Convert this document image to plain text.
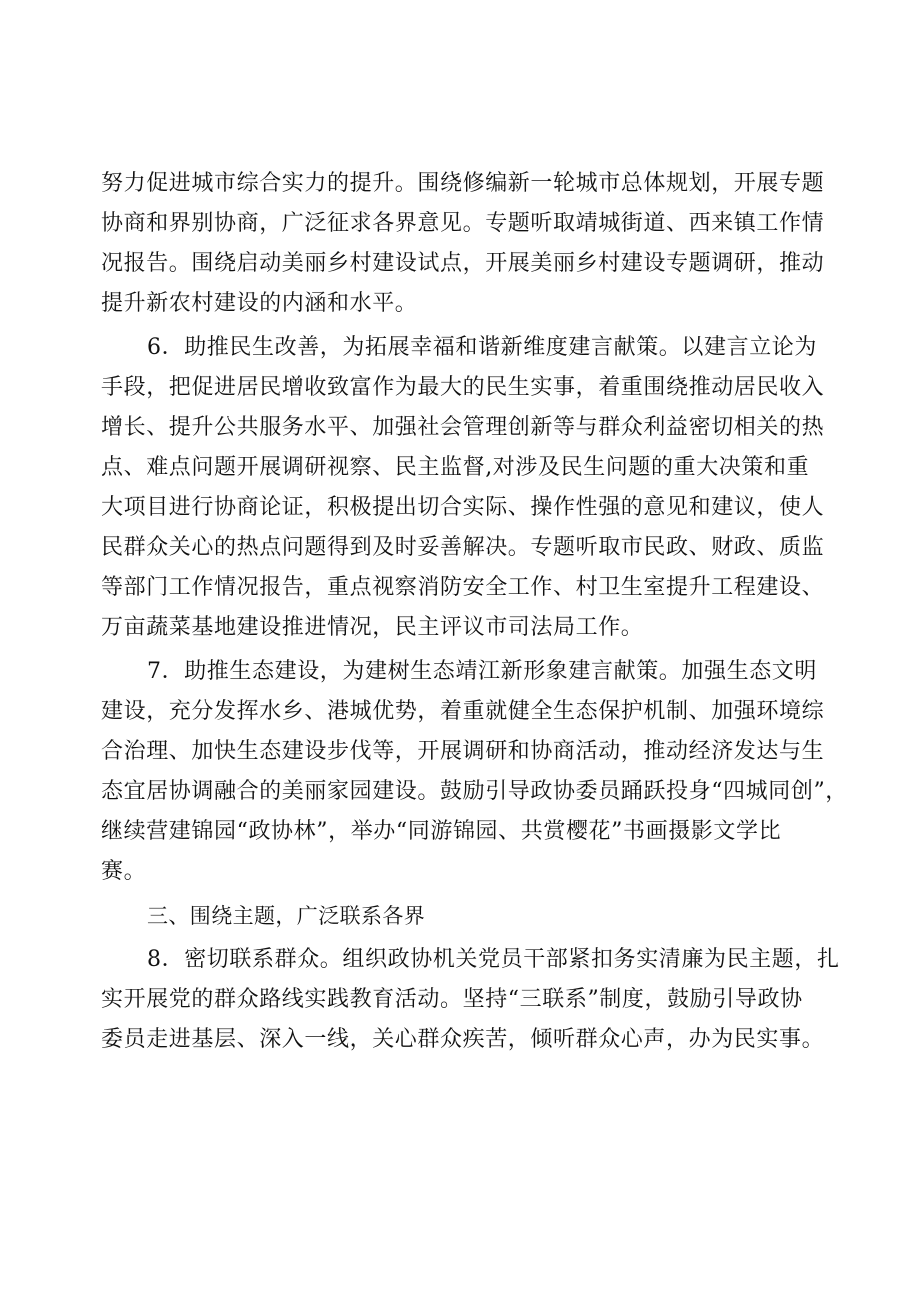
努力促进城市综合实力的提升。围绕修编新一轮城市总体规划，开展专题
协商和界别协商，广泛征求各界意见。专题听取靖城街道、西来镇工作情
况报告。围绕启动美丽乡村建设试点，开展美丽乡村建设专题调研，推动
提升新农村建设的内涵和水平。
6．助推民生改善，为拓展幸福和谐新维度建言献策。以建言立论为
手段，把促进居民增收致富作为最大的民生实事，着重围绕推动居民收入
增长、提升公共服务水平、加强社会管理创新等与群众利益密切相关的热
点、难点问题开展调研视察、民主监督,对涉及民生问题的重大决策和重
大项目进行协商论证，积极提出切合实际、操作性强的意见和建议，使人
民群众关心的热点问题得到及时妥善解决。专题听取市民政、财政、质监
等部门工作情况报告，重点视察消防安全工作、村卫生室提升工程建设、
万亩蔬菜基地建设推进情况，民主评议市司法局工作。
7．助推生态建设，为建树生态靖江新形象建言献策。加强生态文明
建设，充分发挥水乡、港城优势，着重就健全生态保护机制、加强环境综
合治理、加快生态建设步伐等，开展调研和协商活动，推动经济发达与生
态宜居协调融合的美丽家园建设。鼓励引导政协委员踊跃投身“四城同创”，
继续营建锦园“政协林”，举办“同游锦园、共赏樱花”书画摄影文学比
赛。
三、围绕主题，广泛联系各界
8．密切联系群众。组织政协机关党员干部紧扣务实清廉为民主题，扎
实开展党的群众路线实践教育活动。坚持“三联系”制度，鼓励引导政协
委员走进基层、深入一线，关心群众疾苦，倾听群众心声，办为民实事。
